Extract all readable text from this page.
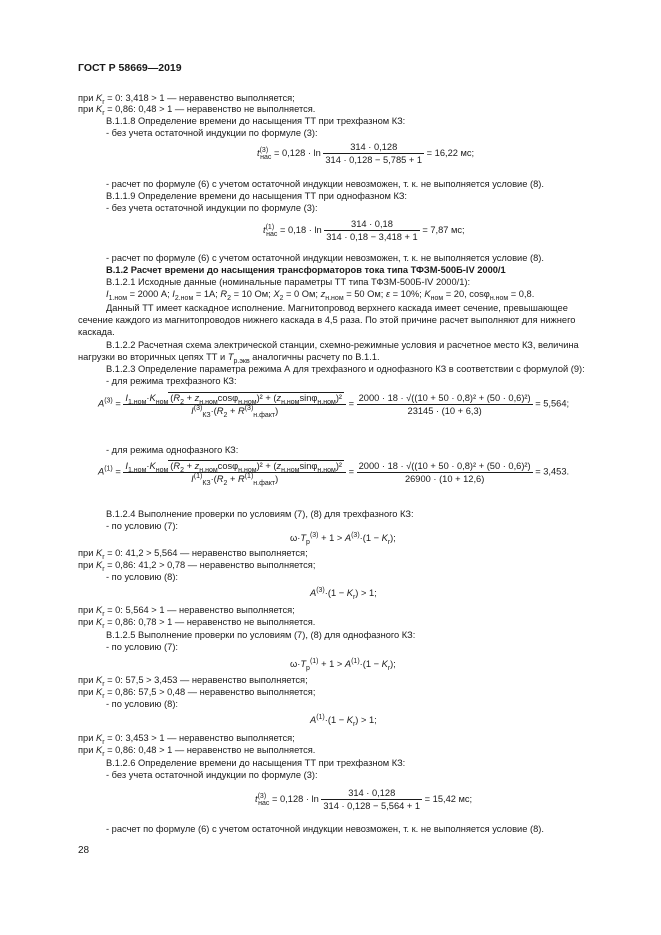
ГОСТ Р 58669—2019
при $K_r = 0$: 3,418 > 1 — неравенство выполняется;
при $K_r = 0,86$: 0,48 > 1 — неравенство не выполняется.
В.1.1.8 Определение времени до насыщения ТТ при трехфазном КЗ:
- без учета остаточной индукции по формуле (3):
$t^{(3)}_{нас} = 0,128 \cdot \ln \frac{314 \cdot 0,128}{314 \cdot 0,128 - 5,785 + 1} = 16,22$ мс;
- расчет по формуле (6) с учетом остаточной индукции невозможен, т. к. не выполняется условие (8).
В.1.1.9 Определение времени до насыщения ТТ при однофазном КЗ:
- без учета остаточной индукции по формуле (3):
$t^{(1)}_{нас} = 0,18 \cdot \ln \frac{314 \cdot 0,18}{314 \cdot 0,18 - 3,418 + 1} = 7,87$ мс;
- расчет по формуле (6) с учетом остаточной индукции невозможен, т. к. не выполняется условие (8).
В.1.2 Расчет времени до насыщения трансформаторов тока типа ТФЗМ-500Б-IV 2000/1
В.1.2.1 Исходные данные (номинальные параметры ТТ типа ТФЗМ-500Б-IV 2000/1):
$I_{1.ном} = 2000$ А; $I_{2.ном} = 1А$; $R_2 = 10$ Ом; $X_2 = 0$ Ом; $z_{н.ном} = 50$ Ом; ε = 10%; $K_{ном} = 20$, cosφ$_{н.ном}$ = 0,8.
Данный ТТ имеет каскадное исполнение. Магнитопровод верхнего каскада имеет сечение, превышающее
сечение каждого из магнитопроводов нижнего каскада в 4,5 раза. По этой причине расчет выполняют для нижнего
каскада.
В.1.2.2 Расчетная схема электрической станции, схемно-режимные условия и расчетное место КЗ, величина
нагрузки во вторичных цепях ТТ и $T_{р.экв}$ аналогичны расчету по В.1.1.
В.1.2.3 Определение параметра режима А для трехфазного и однофазного КЗ в соответствии с формулой (9):
- для режима трехфазного КЗ:
$A^{(3)} = \frac{I_{1.ном}\cdot K_{ном} (R_2 + z_{н.ном}\cos\varphi_{н.ном})^2 + (z_{н.ном}\sin\varphi_{н.ном})^2}{I^{(3)}_{КЗ}\cdot(R_2 + R^{(3)}_{н.факт})} = \frac{\text{2000 · 18 · √((10 + 50 · 0,8)² + (50 · 0,6)²)}}{23145 \cdot (10 + 6,3)} = 5,564$;
- для режима однофазного КЗ:
$A^{(1)} = \frac{I_{1.ном}\cdot K_{ном} (R_2 + z_{н.ном}\cos\varphi_{н.ном})^2 + (z_{н.ном}\sin\varphi_{н.ном})^2}{I^{(1)}_{КЗ}\cdot(R_2 + R^{(1)}_{н.факт})} = \frac{\text{2000 · 18 · √((10 + 50 · 0,8)² + (50 · 0,6)²)}}{26900 \cdot (10 + 12,6)} = 3,453$.
В.1.2.4 Выполнение проверки по условиям (7), (8) для трехфазного КЗ:
- по условию (7):
$\omega\cdot T_р^{(3)} + 1 > A^{(3)}\cdot(1 - K_r)$;
при $K_r = 0$: 41,2 > 5,564 — неравенство выполняется;
при $K_r = 0,86$: 41,2 > 0,78 — неравенство выполняется;
- по условию (8):
$A^{(3)}\cdot(1 - K_r) > 1$;
при $K_r = 0$: 5,564 > 1 — неравенство выполняется;
при $K_r = 0,86$: 0,78 > 1 — неравенство не выполняется.
В.1.2.5 Выполнение проверки по условиям (7), (8) для однофазного КЗ:
- по условию (7):
$\omega\cdot T_р^{(1)} + 1 > A^{(1)}\cdot(1 - K_r)$;
при $K_r = 0$: 57,5 > 3,453 — неравенство выполняется;
при $K_r = 0,86$: 57,5 > 0,48 — неравенство выполняется;
- по условию (8):
$A^{(1)}\cdot(1 - K_r) > 1$;
при $K_r = 0$: 3,453 > 1 — неравенство выполняется;
при $K_r = 0,86$: 0,48 > 1 — неравенство не выполняется.
В.1.2.6 Определение времени до насыщения ТТ при трехфазном КЗ:
- без учета остаточной индукции по формуле (3):
$t^{(3)}_{нас} = 0,128 \cdot \ln \frac{314 \cdot 0,128}{314 \cdot 0,128 - 5,564 + 1} = 15,42$ мс;
- расчет по формуле (6) с учетом остаточной индукции невозможен, т. к. не выполняется условие (8).
28
